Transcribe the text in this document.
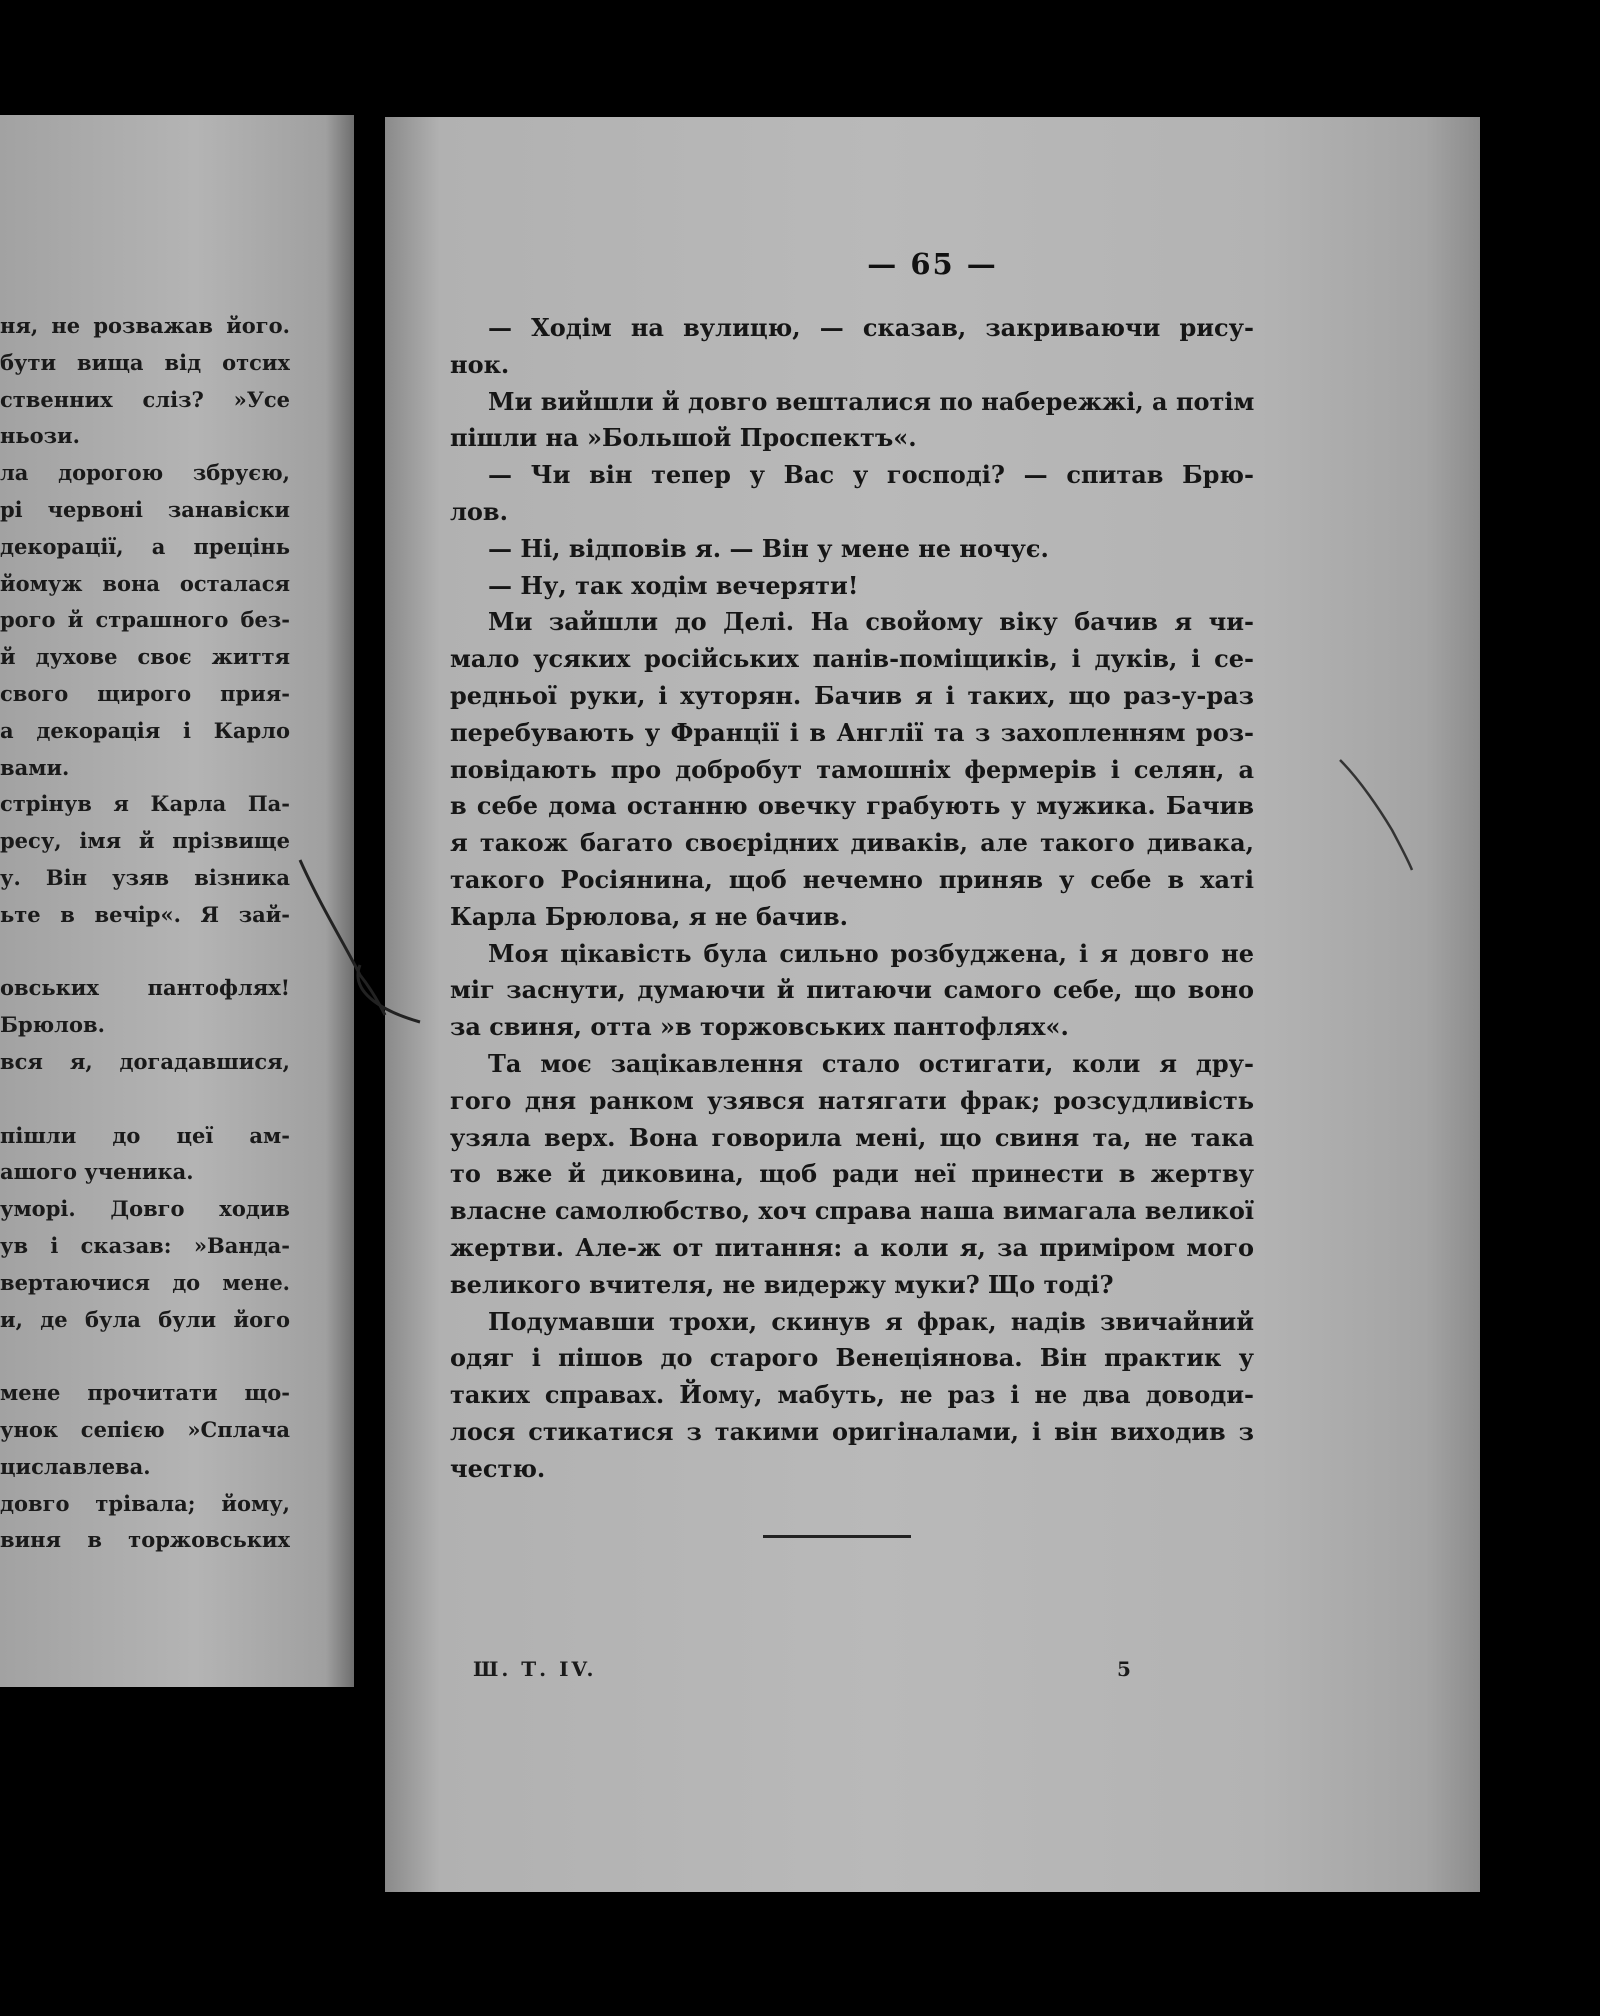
ня, не розважав його.
бути вища від отсих
ственних сліз? »Усе
ньози.
ла дорогою збруєю,
рі червоні занавіски
декорації, а прецінь
йомуж вона осталася
рого й страшного без-
й духове своє життя
свого щирого прия-
а декорація і Карло
вами.
стрінув я Карла Па-
ресу, імя й прізвище
у. Він узяв візника
ьте в вечір«. Я зай-
овських пантофлях!
Брюлов.
вся я, догадавшися,
пішли до цеї ам-
ашого ученика.
уморі. Довго ходив
ув і сказав: »Ванда-
вертаючися до мене.
и, де була були його
мене прочитати що-
унок сепією »Сплача
циславлева.
довго трівала; йому,
виня в торжовських
— 65 —
— Ходім на вулицю, — сказав, закриваючи рису-
нок.
Ми вийшли й довго вешталися по набережжі, а потім
пішли на »Большой Проспектъ«.
— Чи він тепер у Вас у господі? — спитав Брю-
лов.
— Ні, відповів я. — Він у мене не ночує.
— Ну, так ходім вечеряти!
Ми зайшли до Делі. На свойому віку бачив я чи-
мало усяких російських панів-поміщиків, і дуків, і се-
редньої руки, і хуторян. Бачив я і таких, що раз-у-раз
перебувають у Франції і в Англії та з захопленням роз-
повідають про добробут тамошніх фермерів і селян, а
в себе дома останню овечку грабують у мужика. Бачив
я також багато своєрідних диваків, але такого дивака,
такого Росіянина, щоб нечемно приняв у себе в хаті
Карла Брюлова, я не бачив.
Моя цікавість була сильно розбуджена, і я довго не
міг заснути, думаючи й питаючи самого себе, що воно
за свиня, отта »в торжовських пантофлях«.
Та моє зацікавлення стало остигати, коли я дру-
гого дня ранком узявся натягати фрак; розсудливість
узяла верх. Вона говорила мені, що свиня та, не така
то вже й диковина, щоб ради неї принести в жертву
власне самолюбство, хоч справа наша вимагала великої
жертви. Але-ж от питання: а коли я, за приміром мого
великого вчителя, не видержу муки? Що тоді?
Подумавши трохи, скинув я фрак, надів звичайний
одяг і пішов до старого Венеціянова. Він практик у
таких справах. Йому, мабуть, не раз і не два доводи-
лося стикатися з такими оригіналами, і він виходив з
честю.
Ш. Т. IV.	5
